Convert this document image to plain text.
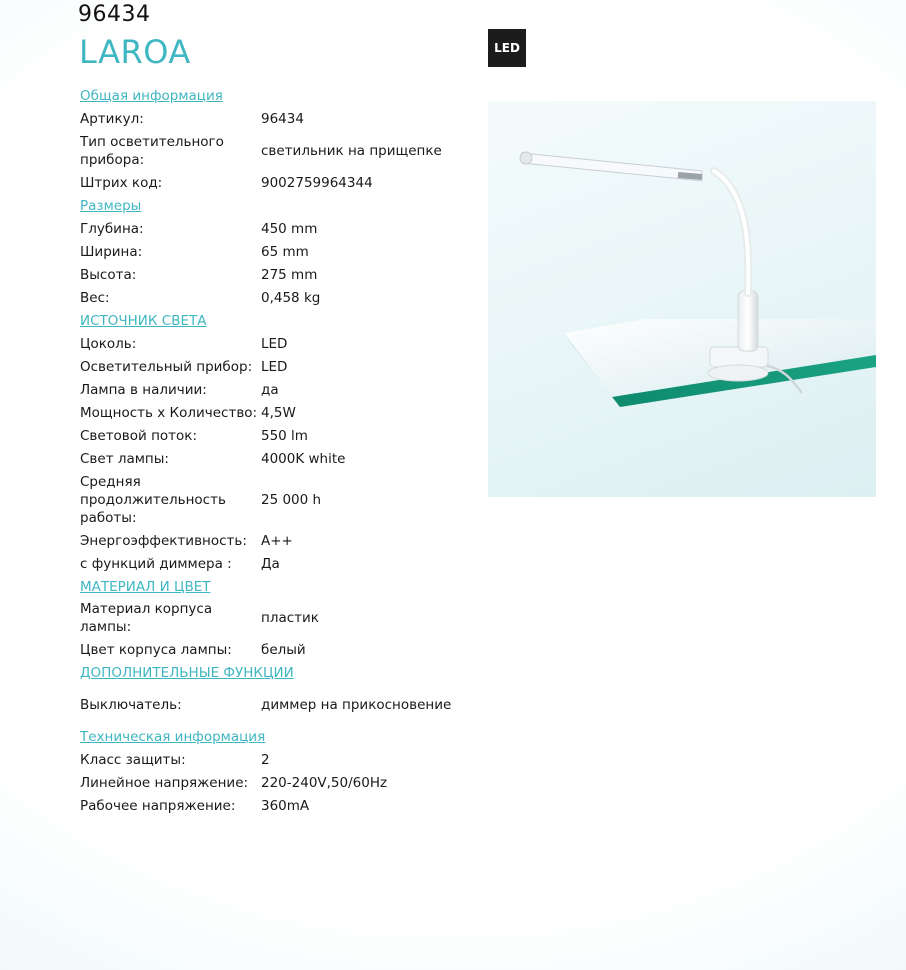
96434
LAROA	LED
Общая информация
Артикул:	96434
Тип осветительного прибора:
светильник на прищепке
Штрих код:	9002759964344
Размеры
Глубина:	450 mm
Ширина:	65 mm
Высота:	275 mm
Вес:	0,458 kg
ИСТОЧНИК СВЕТА
Цоколь:	LED
Осветительный прибор: LED
Лампа в наличии:	да
Мощность x Количество: 4,5W
Световой поток:	550 lm
Свет лампы:	4000K white
Средняя продолжительность работы:
25 000 h
Энергоэффективность:	A++
с функций диммера :	Да
МАТЕРИАЛ И ЦВЕТ
Материал корпуса лампы:
пластик
Цвет корпуса лампы:	белый
ДОПОЛНИТЕЛЬНЫЕ ФУНКЦИИ
Выключатель:	диммер на прикосновение
Техническая информация
Класс защиты:	2
Линейное напряжение: 220-240V,50/60Hz
Рабочее напряжение:	360mA
